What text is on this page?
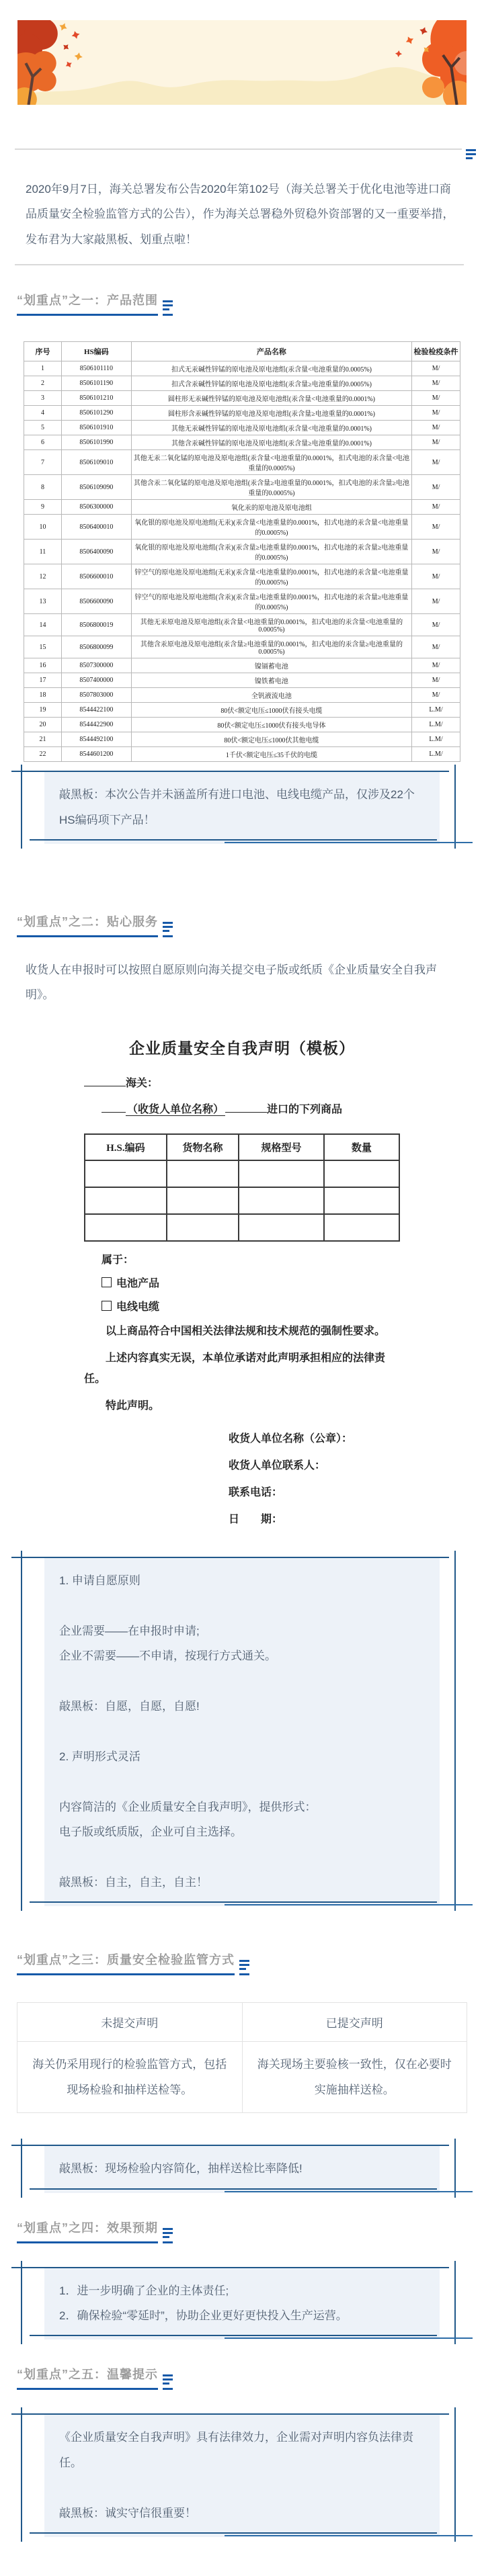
2020年9月7日，海关总署发布公告2020年第102号（海关总署关于优化电池等进口商品质量安全检验监管方式的公告），作为海关总署稳外贸稳外资部署的又一重要举措，发布君为大家敲黑板、划重点啦！

“划重点”之一：产品范围
序号	HS编码	产品名称	检验检疫条件
1	8506101110	扣式无汞碱性锌锰的原电池及原电池组(汞含量<电池重量的0.0005%)	M/
2	8506101190	扣式含汞碱性锌锰的原电池及原电池组(汞含量≥电池重量的0.0005%)	M/
3	8506101210	圆柱形无汞碱性锌锰的原电池及原电池组(汞含量<电池重量的0.0001%)	M/
4	8506101290	圆柱形含汞碱性锌锰的原电池及原电池组(汞含量≥电池重量的0.0001%)	M/
5	8506101910	其他无汞碱性锌锰的原电池及原电池组(汞含量<电池重量的0.0001%)	M/
6	8506101990	其他含汞碱性锌锰的原电池及原电池组(汞含量≥电池重量的0.0001%)	M/
7	8506109010	其他无汞二氧化锰的原电池及原电池组(汞含量<电池重量的0.0001%，扣式电池的汞含量<电池重量的0.0005%)	M/
8	8506109090	其他含汞二氧化锰的原电池及原电池组(汞含量≥电池重量的0.0001%，扣式电池的汞含量≥电池重量的0.0005%)	M/
9	8506300000	氧化汞的原电池及原电池组	M/
10	8506400010	氧化银的原电池及原电池组(无汞)(汞含量<电池重量的0.0001%，扣式电池的汞含量<电池重量的0.0005%)	M/
11	8506400090	氧化银的原电池及原电池组(含汞)(汞含量≥电池重量的0.0001%，扣式电池的汞含量≥电池重量的0.0005%)	M/
12	8506600010	锌空气的原电池及原电池组(无汞)(汞含量<电池重量的0.0001%，扣式电池的汞含量<电池重量的0.0005%)	M/
13	8506600090	锌空气的原电池及原电池组(含汞)(汞含量≥电池重量的0.0001%，扣式电池的汞含量≥电池重量的0.0005%)	M/
14	8506800019	其他无汞原电池及原电池组(汞含量<电池重量的0.0001%，扣式电池的汞含量<电池重量的0.0005%)	M/
15	8506800099	其他含汞原电池及原电池组(汞含量≥电池重量的0.0001%，扣式电池的汞含量≥电池重量的0.0005%)	M/
16	8507300000	镍镉蓄电池	M/
17	8507400000	镍铁蓄电池	M/
18	8507803000	全钒液流电池	M/
19	8544422100	80伏<额定电压≤1000伏有接头电缆	L.M/
20	8544422900	80伏<额定电压≤1000伏有接头电导体	L.M/
21	8544492100	80伏<额定电压≤1000伏其他电缆	L.M/
22	8544601200	1千伏<额定电压≤35千伏的电缆	L.M/

敲黑板：本次公告并未涵盖所有进口电池、电线电缆产品，仅涉及22个HS编码项下产品！

“划重点”之二：贴心服务

收货人在申报时可以按照自愿原则向海关提交电子版或纸质《企业质量安全自我声明》。

企业质量安全自我声明（模板）
海关：
（收货人单位名称）	进口的下列商品
H.S.编码	货物名称	规格型号	数量

属于：
电池产品
电线电缆

以上商品符合中国相关法律法规和技术规范的强制性要求。

上述内容真实无误，本单位承诺对此声明承担相应的法律责任。

特此声明。

收货人单位名称（公章）：

收货人单位联系人：

联系电话：

日　　期：

1. 申请自愿原则

企业需要——在申报时申请;

企业不需要——不申请，按现行方式通关。

敲黑板：自愿，自愿，自愿!

2. 声明形式灵活

内容简洁的《企业质量安全自我声明》，提供形式：

电子版或纸质版，企业可自主选择。

敲黑板：自主，自主，自主！

“划重点”之三：质量安全检验监管方式
未提交声明	已提交声明
海关仍采用现行的检验监管方式，包括现场检验和抽样送检等。	海关现场主要验核一致性，仅在必要时实施抽样送检。

敲黑板：现场检验内容简化，抽样送检比率降低!

“划重点”之四：效果预期

1．进一步明确了企业的主体责任;

2．确保检验“零延时”，协助企业更好更快投入生产运营。

“划重点”之五：温馨提示

《企业质量安全自我声明》具有法律效力，企业需对声明内容负法律责任。

敲黑板：诚实守信很重要！
